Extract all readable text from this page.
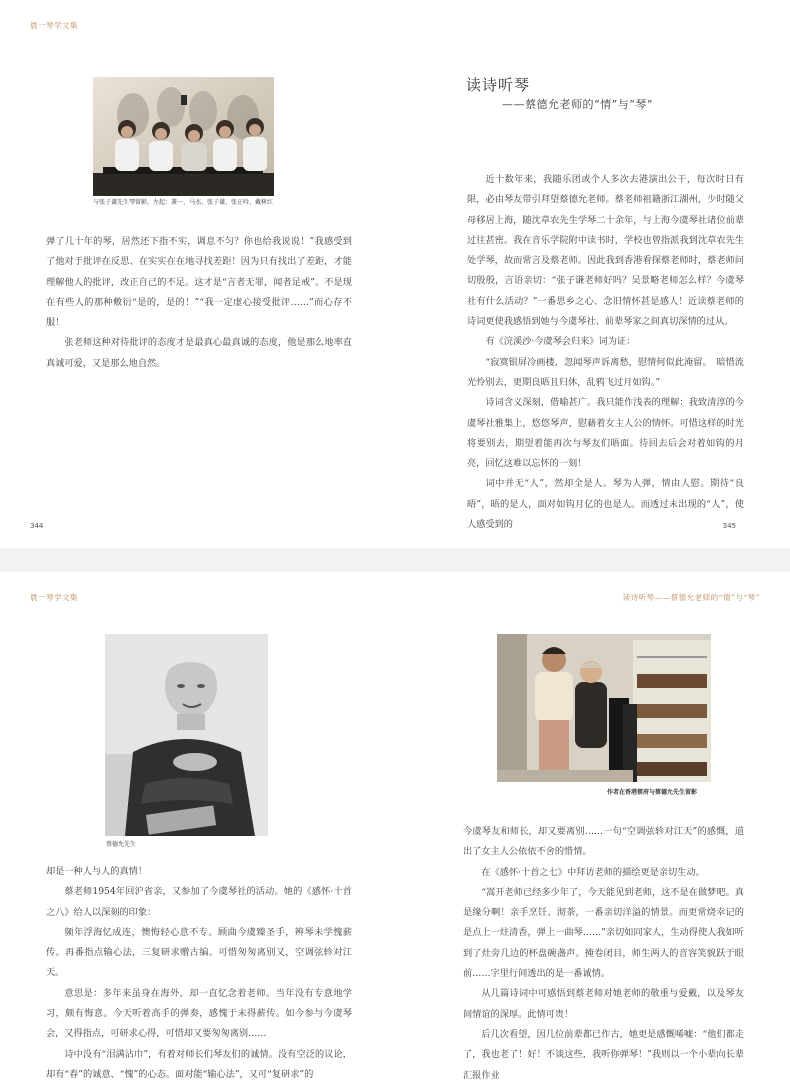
晨一琴学文集
与张子谦先生琴留影，左起：龚一、马杰、张子谦、张正吟、戴树红

弹了几十年的琴，居然还下指不实，调息不匀？你也给我说说！”我感受到了他对于批评在反思、在实实在在地寻找差距！因为只有找出了差距，才能理解他人的批评，改正自己的不足。这才是“言者无罪，闻者足戒”。不是现在有些人的那种敷衍“是的，是的！”“我一定虚心接受批评……”而心存不服！

张老师这种对待批评的态度才是最真心最真诚的态度，他是那么地率直真诚可爱，又是那么地自然。

344

近十数年来，我随乐团或个人多次去港演出公干，每次时日有限，必由琴友带引拜望蔡德允老师。蔡老师祖籍浙江湖州，少时随父母移居上海，随沈草农先生学琴二十余年，与上海今虞琴社诸位前辈过往甚密。我在音乐学院附中读书时，学校也曾指派我到沈草农先生处学琴，故而常言及蔡老师。因此我到香港看探蔡老师时，蔡老师问切殷殷，言语亲切：“张子谦老师好吗？吴景略老师怎么样？今虞琴社有什么活动？”一番思乡之心、念旧情怀甚是感人！近读蔡老师的诗词更使我感悟到她与今虞琴社、前辈琴家之间真切深情的过从。

有《浣溪沙·今虞琴会归来》词为证：

“寂寞银屏冷画楼，忽闻琴声诉离愁，慰情何似此淹留。　暗惜流光怜别去，更期良晤且归休，乱鸦飞过月如钩。”

诗词含义深刻，借喻甚广。我只能作浅表的理解：我致清淳的今虞琴社雅集上，悠悠琴声，慰藉着女主人公的情怀。可惜这样的时光将要别去，期望着能再次与琴友们晤面。待回去后会对着如钩的月亮，回忆这难以忘怀的一刻！

词中并无“人”，然却全是人。琴为人弹，情由人慰。期待“良晤”，晤的是人，面对如钩月亿的也是人。而透过未出现的“人”，使人感受到的	345
读诗听琴
——蔡德允老师的“情”与“琴”
晨一琴学文集
蔡德允先生

却是一种人与人的真情！

蔡老师1954年回沪省亲，又参加了今虞琴社的活动。她的《感怀·十首之八》给人以深刻的印象：

频年浮海忆成连，懊悔轻心意不专。顾曲今虞臻圣手，辨琴未学愧薪传。再番指点输心法，三复研求赠古编。可惜匆匆离别又，空调弦轸对江天。

意思是：多年来虽身在海外，却一直忆念着老师。当年没有专意地学习，颇有悔意。今天听着高手的弹奏，感愧于未得薪传。如今参与今虞琴会，又得指点，可研求心得，可惜却又要匆匆离别……

诗中没有“泪满沾巾”，有着对师长们琴友们的诚情。没有空泛的议论，却有“春”的诚意、“愧”的心态。面对能“输心法”，又可“复研求”的

读诗听琴——蔡德允老师的“情”与“琴”
作者在香港蔡府与蔡德允先生留影

今虞琴友和师长，却又要离别……一句“空调弦轸对江天”的感慨，道出了女主人公依依不舍的惜情。

在《感怀·十首之七》中拜访老师的描绘更是亲切生动。

“嵩开老师已经多少年了，今天能见到老师，这不是在做梦吧。真是缘分啊！亲手烹饪、沏茶，一番亲切洋溢的情景。而更常烧幸记的是点上一炷清香，弹上一曲琴……”亲切如同家人，生动得使人我如听到了灶旁几边的杯盘碗盏声。掩卷闭目，师生两人的音容笑貌跃于眼前……字里行间透出的是一番诚情。

从几篇诗词中可感悟到蔡老师对她老师的敬重与爱戴，以及琴友间情谊的深厚。此情可贵！

后几次看望，因几位前辈都已作古，她更是感慨唏嘘：“他们都走了，我也老了！好！不谈这些，我听你弹琴！”我则以一个小辈向长辈汇报作业
